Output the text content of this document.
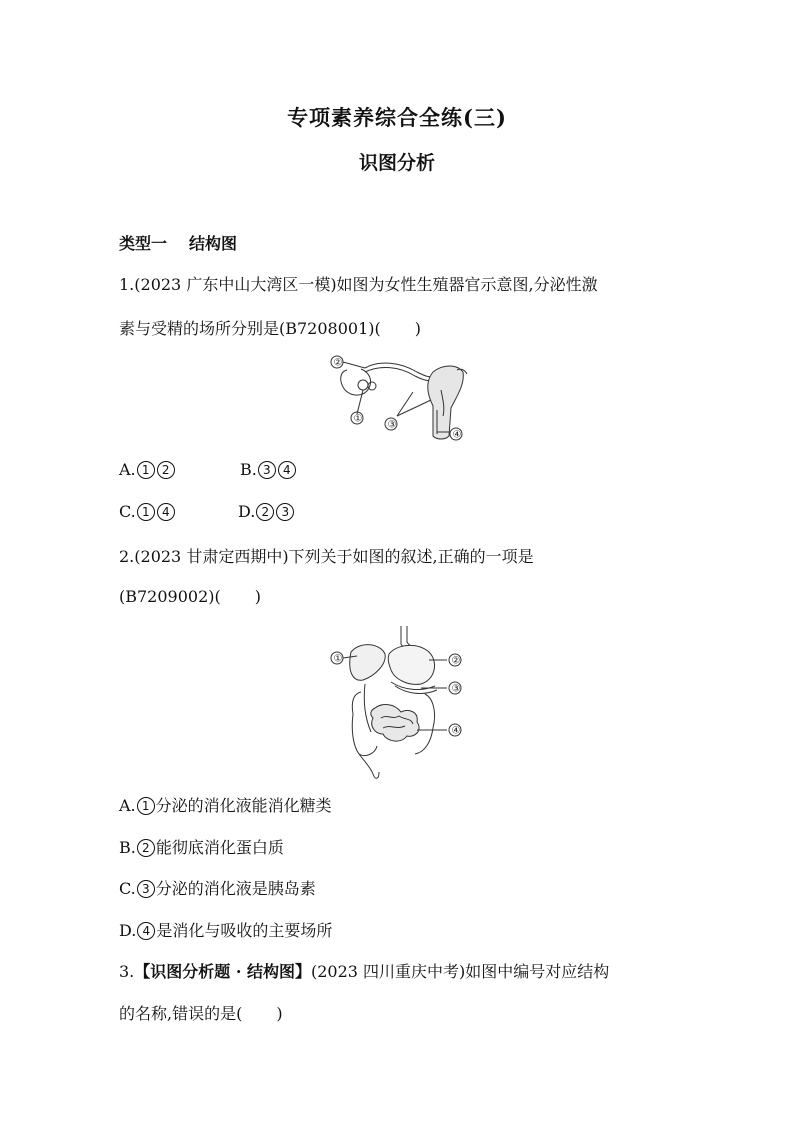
专项素养综合全练(三)
识图分析
类型一 结构图
1.(2023 广东中山大湾区一模)如图为女性生殖器官示意图,分泌性激
素与受精的场所分别是(B7208001)( )
②
①
③
④
A. 1 2	B. 3 4
C. 1 4	D. 2 3
2.(2023 甘肃定西期中)下列关于如图的叙述,正确的一项是
(B7209002)( )
①	②
③
④
A. 1 分泌的消化液能消化糖类
B. 2 能彻底消化蛋白质
C. 3 分泌的消化液是胰岛素
D. 4 是消化与吸收的主要场所
3.【识图分析题 · 结构图】(2023 四川重庆中考)如图中编号对应结构
的名称,错误的是( )
